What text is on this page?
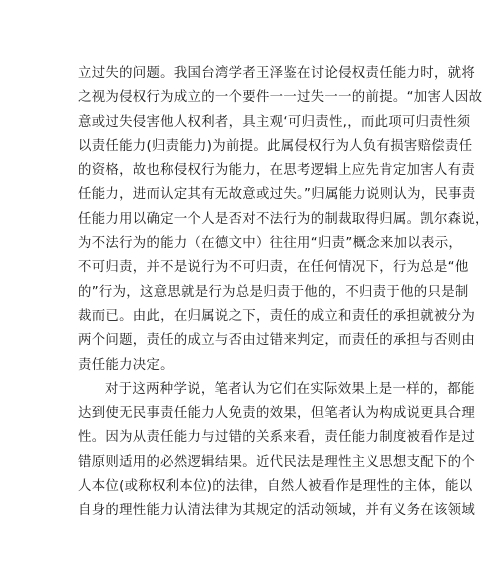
立过失的问题。我国台湾学者王泽鉴在讨论侵权责任能力时，就将
之视为侵权行为成立的一个要件一一过失一一的前提。“加害人因故
意或过失侵害他人权利者，具主观‘可归责性,，而此项可归责性须
以责任能力(归责能力)为前提。此属侵权行为人负有损害赔偿责任
的资格，故也称侵权行为能力，在思考逻辑上应先肯定加害人有责
任能力，进而认定其有无故意或过失。”归属能力说则认为，民事责
任能力用以确定一个人是否对不法行为的制裁取得归属。凯尔森说，
为不法行为的能力（在德文中）往往用“归责”概念来加以表示，
不可归责，并不是说行为不可归责，在任何情况下，行为总是“他
的”行为，这意思就是行为总是归责于他的，不归责于他的只是制
裁而已。由此，在归属说之下，责任的成立和责任的承担就被分为
两个问题，责任的成立与否由过错来判定，而责任的承担与否则由
责任能力决定。
对于这两种学说，笔者认为它们在实际效果上是一样的，都能
达到使无民事责任能力人免责的效果，但笔者认为构成说更具合理
性。因为从责任能力与过错的关系来看，责任能力制度被看作是过
错原则适用的必然逻辑结果。近代民法是理性主义思想支配下的个
人本位(或称权利本位)的法律，自然人被看作是理性的主体，能以
自身的理性能力认清法律为其规定的活动领域，并有义务在该领域
